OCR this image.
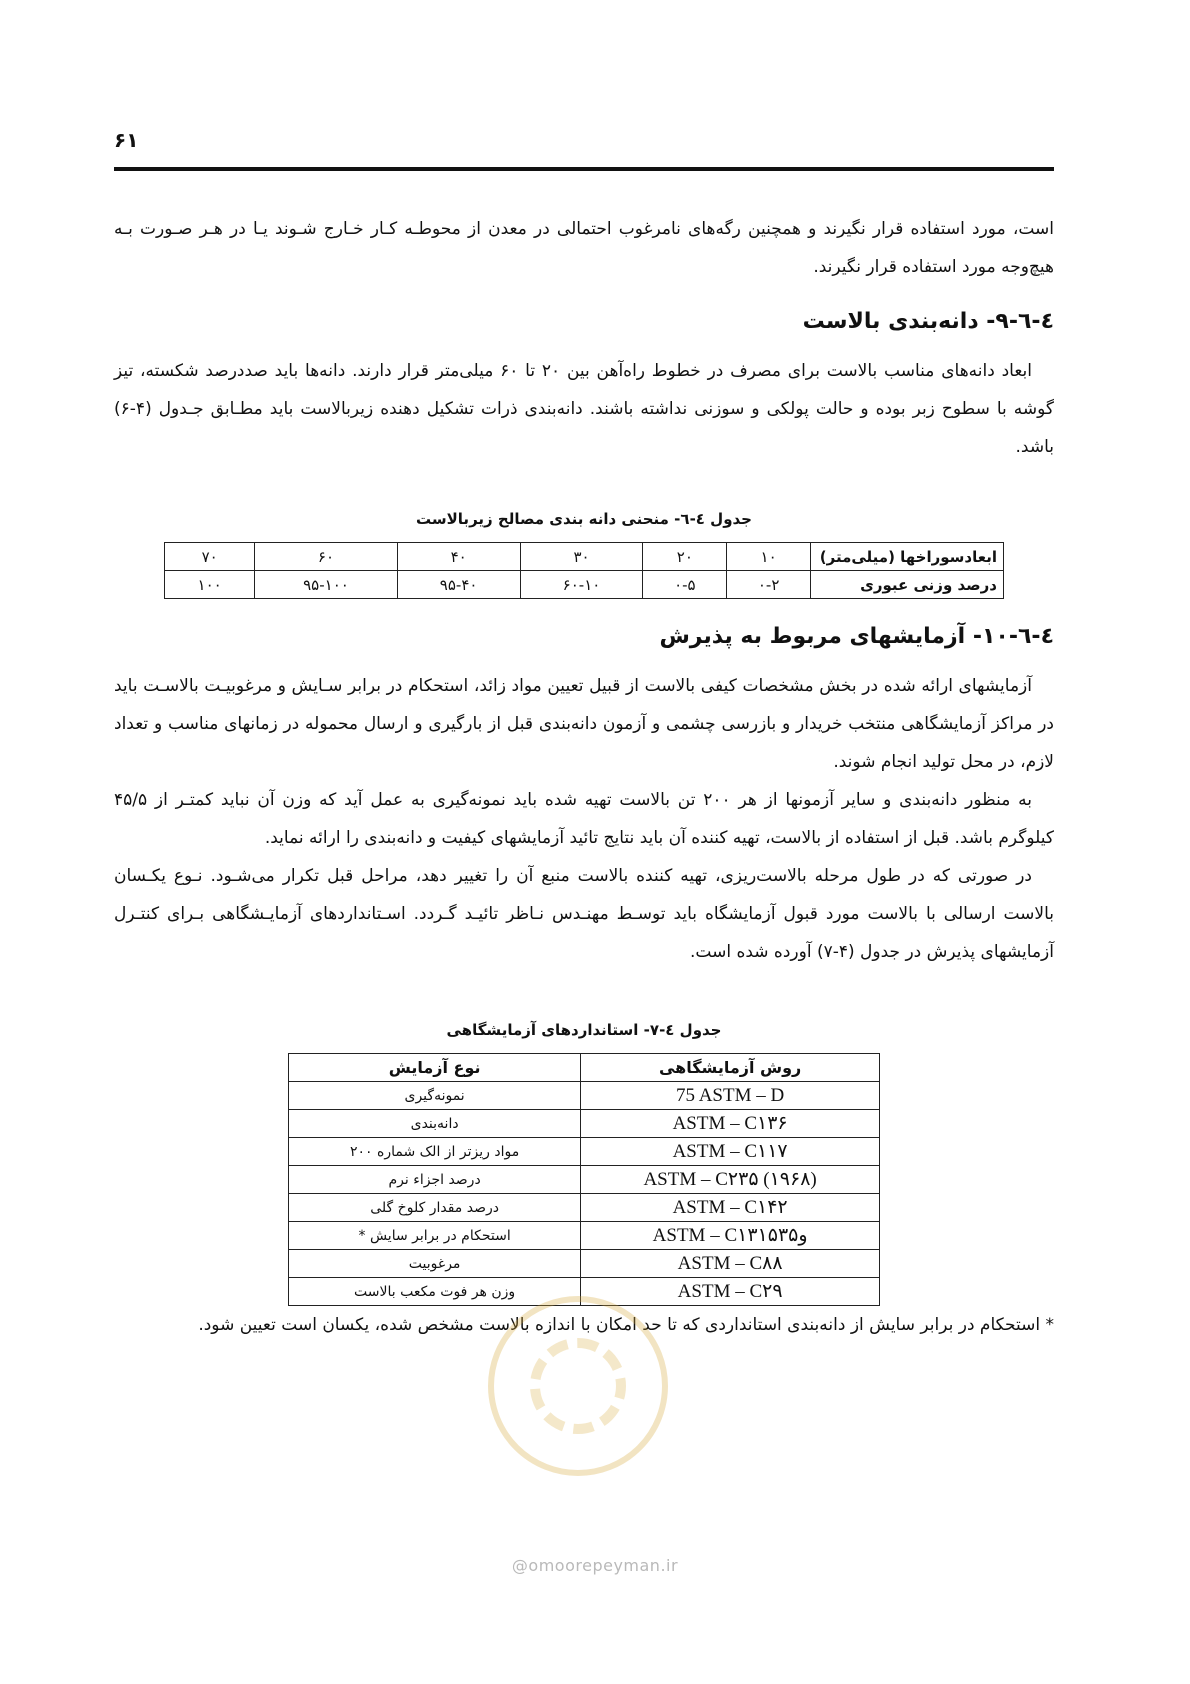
۶۱

است، مورد استفاده قرار نگیرند و همچنین رگه‌های نامرغوب احتمالی در معدن از محوطـه کـار خـارج شـوند یـا در هـر صـورت بـه هیچ‌وجه مورد استفاده قرار نگیرند.

٤-٦-٩- دانه‌بندی بالاست

ابعاد دانه‌های مناسب بالاست برای مصرف در خطوط راه‌آهن بین ۲۰ تا ۶۰ میلی‌متر قرار دارند. دانه‌ها باید صددرصد شکسته، تیز گوشه با سطوح زبر بوده و حالت پولکی و سوزنی نداشته باشند. دانه‌بندی ذرات تشکیل دهنده زیربالاست باید مطـابق جـدول (۴-۶) باشد.

جدول ٤-٦- منحنی دانه بندی مصالح زیربالاست
ابعادسوراخها (میلی‌متر)	۱۰	۲۰	۳۰	۴۰	۶۰	۷۰
درصد وزنی عبوری	۰-۲	۰-۵	۶۰-۱۰	۹۵-۴۰	۹۵-۱۰۰	۱۰۰
٤-٦-١٠- آزمایشهای مربوط به پذیرش

آزمایشهای ارائه شده در بخش مشخصات کیفی بالاست از قبیل تعیین مواد زائد، استحکام در برابر سـایش و مرغوبیـت بالاسـت باید در مراکز آزمایشگاهی منتخب خریدار و بازرسی چشمی و آزمون دانه‌بندی قبل از بارگیری و ارسال محموله در زمانهای مناسب و تعداد لازم، در محل تولید انجام شوند.

به منظور دانه‌بندی و سایر آزمونها از هر ۲۰۰ تن بالاست تهیه شده باید نمونه‌گیری به عمل آید که وزن آن نباید کمتـر از ۴۵/۵ کیلوگرم باشد. قبل از استفاده از بالاست، تهیه کننده آن باید نتایج تائید آزمایشهای کیفیت و دانه‌بندی را ارائه نماید.

در صورتی که در طول مرحله بالاست‌ریزی، تهیه کننده بالاست منبع آن را تغییر دهد، مراحل قبل تکرار می‌شـود. نـوع یکـسان بالاست ارسالی با بالاست مورد قبول آزمایشگاه باید توسـط مهنـدس نـاظر تائیـد گـردد. اسـتانداردهای آزمایـشگاهی بـرای کنتـرل آزمایشهای پذیرش در جدول (۴-۷) آورده شده است.

جدول ٤-٧- استانداردهای آزمایشگاهی
روش آزمایشگاهی	نوع آزمایش
75 ASTM – D	نمونه‌گیری
ASTM – C۱۳۶	دانه‌بندی
ASTM – C۱۱۷	مواد ریزتر از الک شماره ۲۰۰
ASTM – C۲۳۵ (۱۹۶۸)	درصد اجزاء نرم
ASTM – C۱۴۲	درصد مقدار کلوخ گلی
ASTM – C۱۳۱و۵۳۵	استحکام در برابر سایش *
ASTM – C۸۸	مرغوبیت
ASTM – C۲۹	وزن هر فوت مکعب بالاست

* استحکام در برابر سایش از دانه‌بندی استانداردی که تا حد امکان با اندازه بالاست مشخص شده، یکسان است تعیین شود.

@omoorepeyman.ir
